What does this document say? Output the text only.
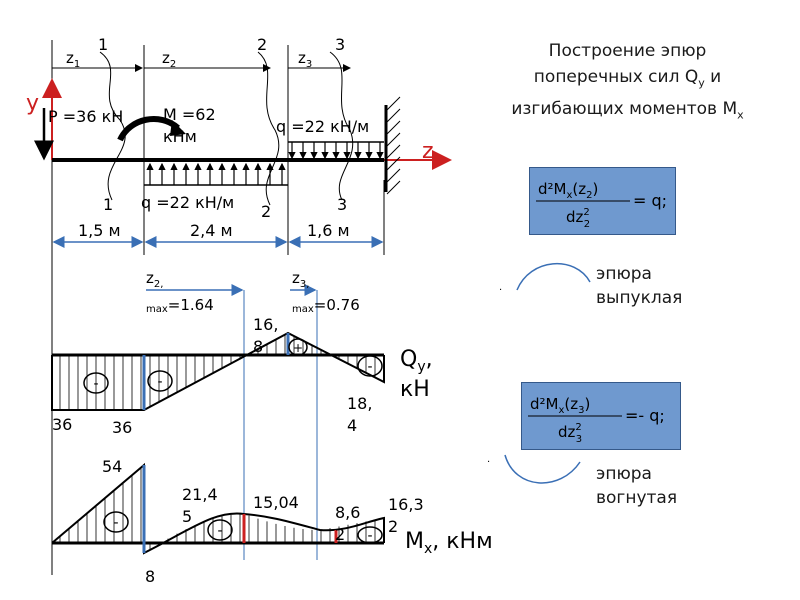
Построение эпюр
поперечных сил $Q_y$ и
изгибающих моментов $M_x$
$z_1$	$z_2$	$z_3$
1	2	3
1	2	3
y
z
P =36 кН M =62
кНм
q =22 кН/м
q =22 кН/м
1,5 м	2,4 м	1,6 м
$z_{2,}$
max=1.64
$z_{3,}$
max=0.76
-	-
+
-
36 36
16,
8
18,
4
$Q_y$,
кН
-	-	-
54
8
21,4
5
15,04
8,6
2
16,3
2
$M_x$, кНм
.
.
$d^2M_x(z_2)$
$dz^2$ 2
= q;
$d^2M_x(z_3)$
$dz^2$ 3
=- q;
эпюра
выпуклая
эпюра
вогнутая
